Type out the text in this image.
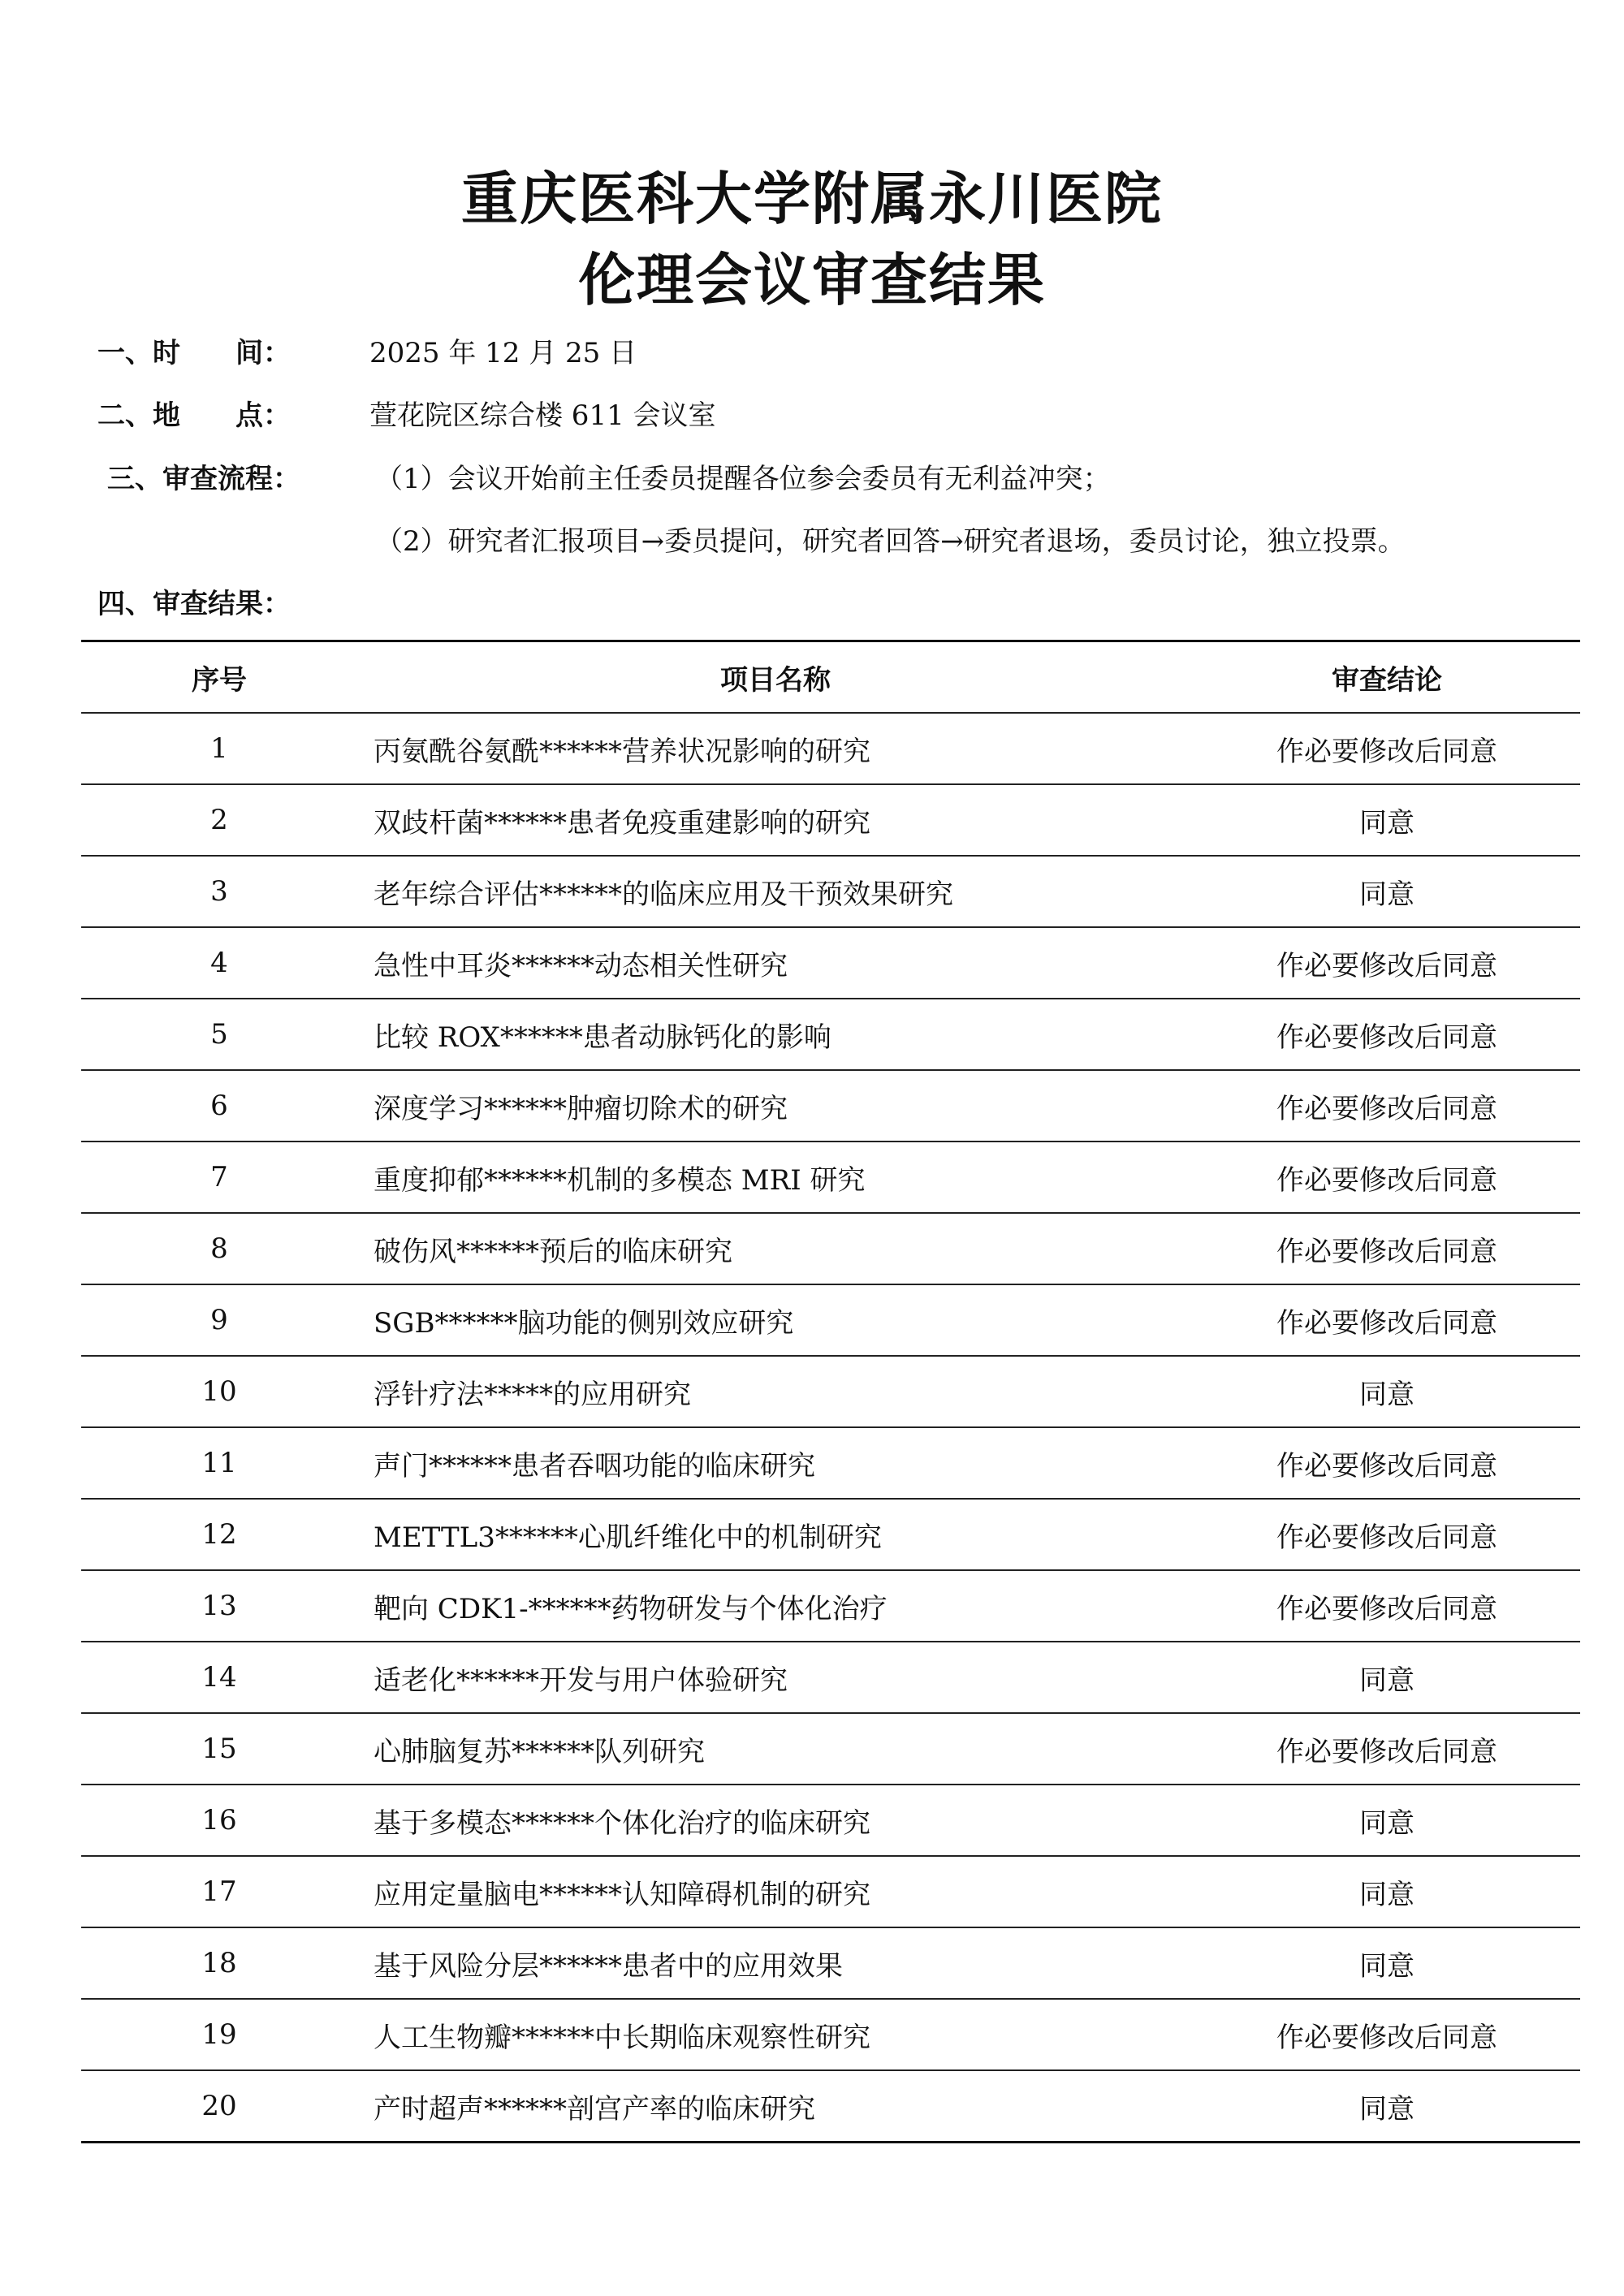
重庆医科大学附属永川医院
伦理会议审查结果
一、时　　间：	2025 年 12 月 25 日
二、地　　点：	萱花院区综合楼 611 会议室
三、审查流程：	（1）会议开始前主任委员提醒各位参会委员有无利益冲突；
（2）研究者汇报项目→委员提问，研究者回答→研究者退场，委员讨论，独立投票。
四、审查结果：
序号	项目名称	审查结论
1	丙氨酰谷氨酰******营养状况影响的研究	作必要修改后同意
2	双歧杆菌******患者免疫重建影响的研究	同意
3	老年综合评估******的临床应用及干预效果研究	同意
4	急性中耳炎******动态相关性研究	作必要修改后同意
5	比较 ROX******患者动脉钙化的影响	作必要修改后同意
6	深度学习******肿瘤切除术的研究	作必要修改后同意
7	重度抑郁******机制的多模态 MRI 研究	作必要修改后同意
8	破伤风******预后的临床研究	作必要修改后同意
9	SGB******脑功能的侧别效应研究	作必要修改后同意
10	浮针疗法*****的应用研究	同意
11	声门******患者吞咽功能的临床研究	作必要修改后同意
12	METTL3******心肌纤维化中的机制研究	作必要修改后同意
13	靶向 CDK1-******药物研发与个体化治疗	作必要修改后同意
14	适老化******开发与用户体验研究	同意
15	心肺脑复苏******队列研究	作必要修改后同意
16	基于多模态******个体化治疗的临床研究	同意
17	应用定量脑电******认知障碍机制的研究	同意
18	基于风险分层******患者中的应用效果	同意
19	人工生物瓣******中长期临床观察性研究	作必要修改后同意
20	产时超声******剖宫产率的临床研究	同意
